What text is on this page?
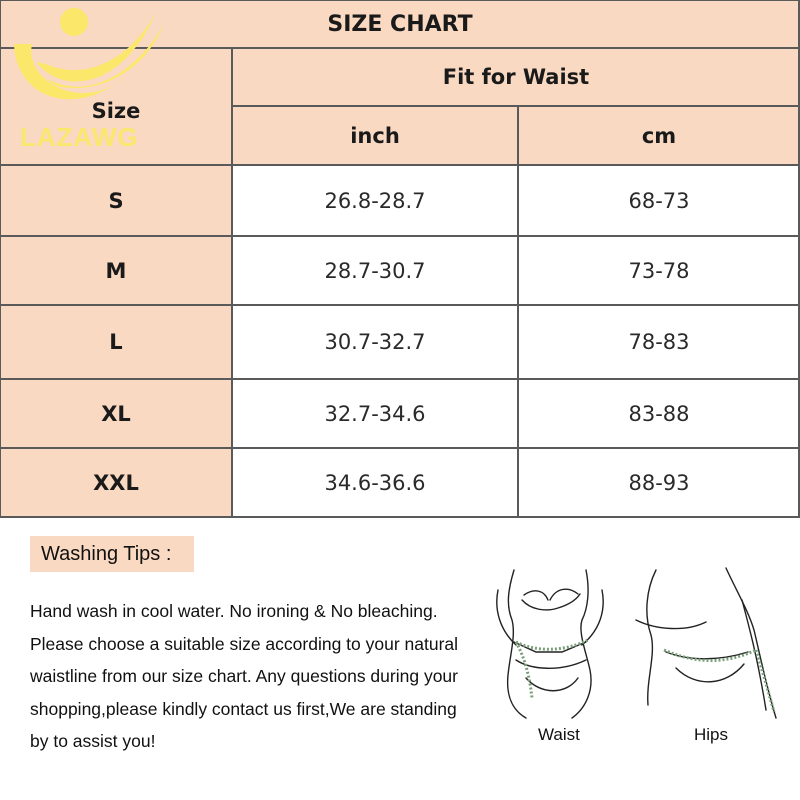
SIZE CHART
Size
Fit for Waist
inch	cm
S	26.8-28.7	68-73
M	28.7-30.7	73-78
L	30.7-32.7	78-83
XL	32.7-34.6	83-88
XXL	34.6-36.6	88-93
LAZAWG
Washing Tips :
Hand wash in cool water. No ironing & No bleaching.
Please choose a suitable size according to your natural
waistline from our size chart. Any questions during your
shopping,please kindly contact us first,We are standing
by to assist you!	Waist	Hips
